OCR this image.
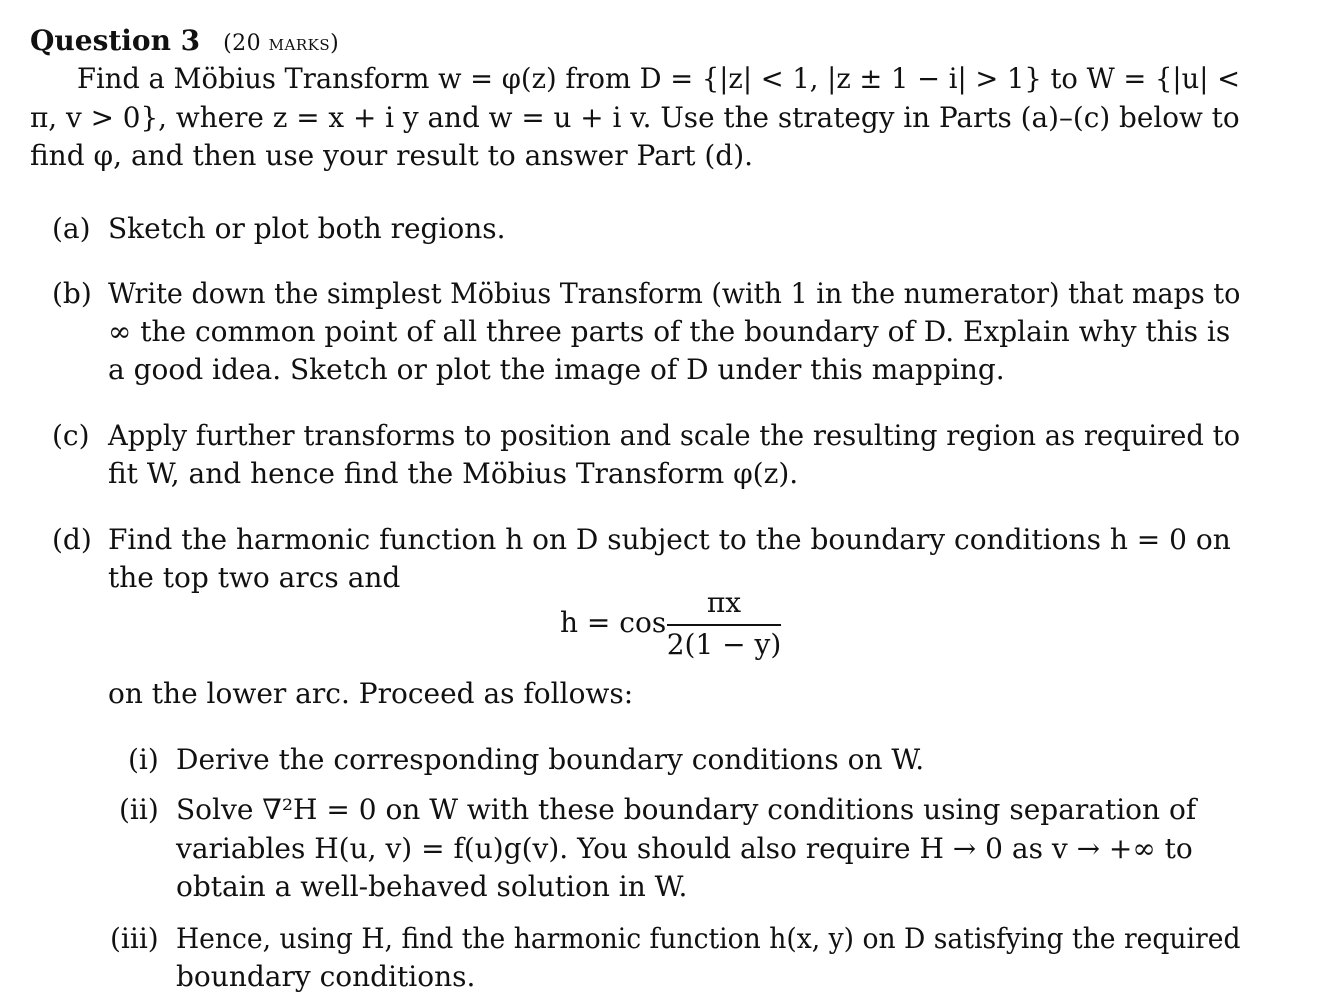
Question 3 (20 marks)
Find a Möbius Transform w = φ(z) from D = {|z| < 1, |z ± 1 − i| > 1} to W = {|u| <
π, v > 0}, where z = x + i y and w = u + i v. Use the strategy in Parts (a)–(c) below to
find φ, and then use your result to answer Part (d).
(a) Sketch or plot both regions.
(b) Write down the simplest Möbius Transform (with 1 in the numerator) that maps to
∞ the common point of all three parts of the boundary of D. Explain why this is
a good idea. Sketch or plot the image of D under this mapping.
(c) Apply further transforms to position and scale the resulting region as required to
fit W, and hence find the Möbius Transform φ(z).
(d) Find the harmonic function h on D subject to the boundary conditions h = 0 on
the top two arcs and
h = cos
πx
2(1 − y)
on the lower arc. Proceed as follows:
(i) Derive the corresponding boundary conditions on W.
(ii) Solve ∇²H = 0 on W with these boundary conditions using separation of
variables H(u, v) = f(u)g(v). You should also require H → 0 as v → +∞ to
obtain a well-behaved solution in W.
(iii) Hence, using H, find the harmonic function h(x, y) on D satisfying the required
boundary conditions.
